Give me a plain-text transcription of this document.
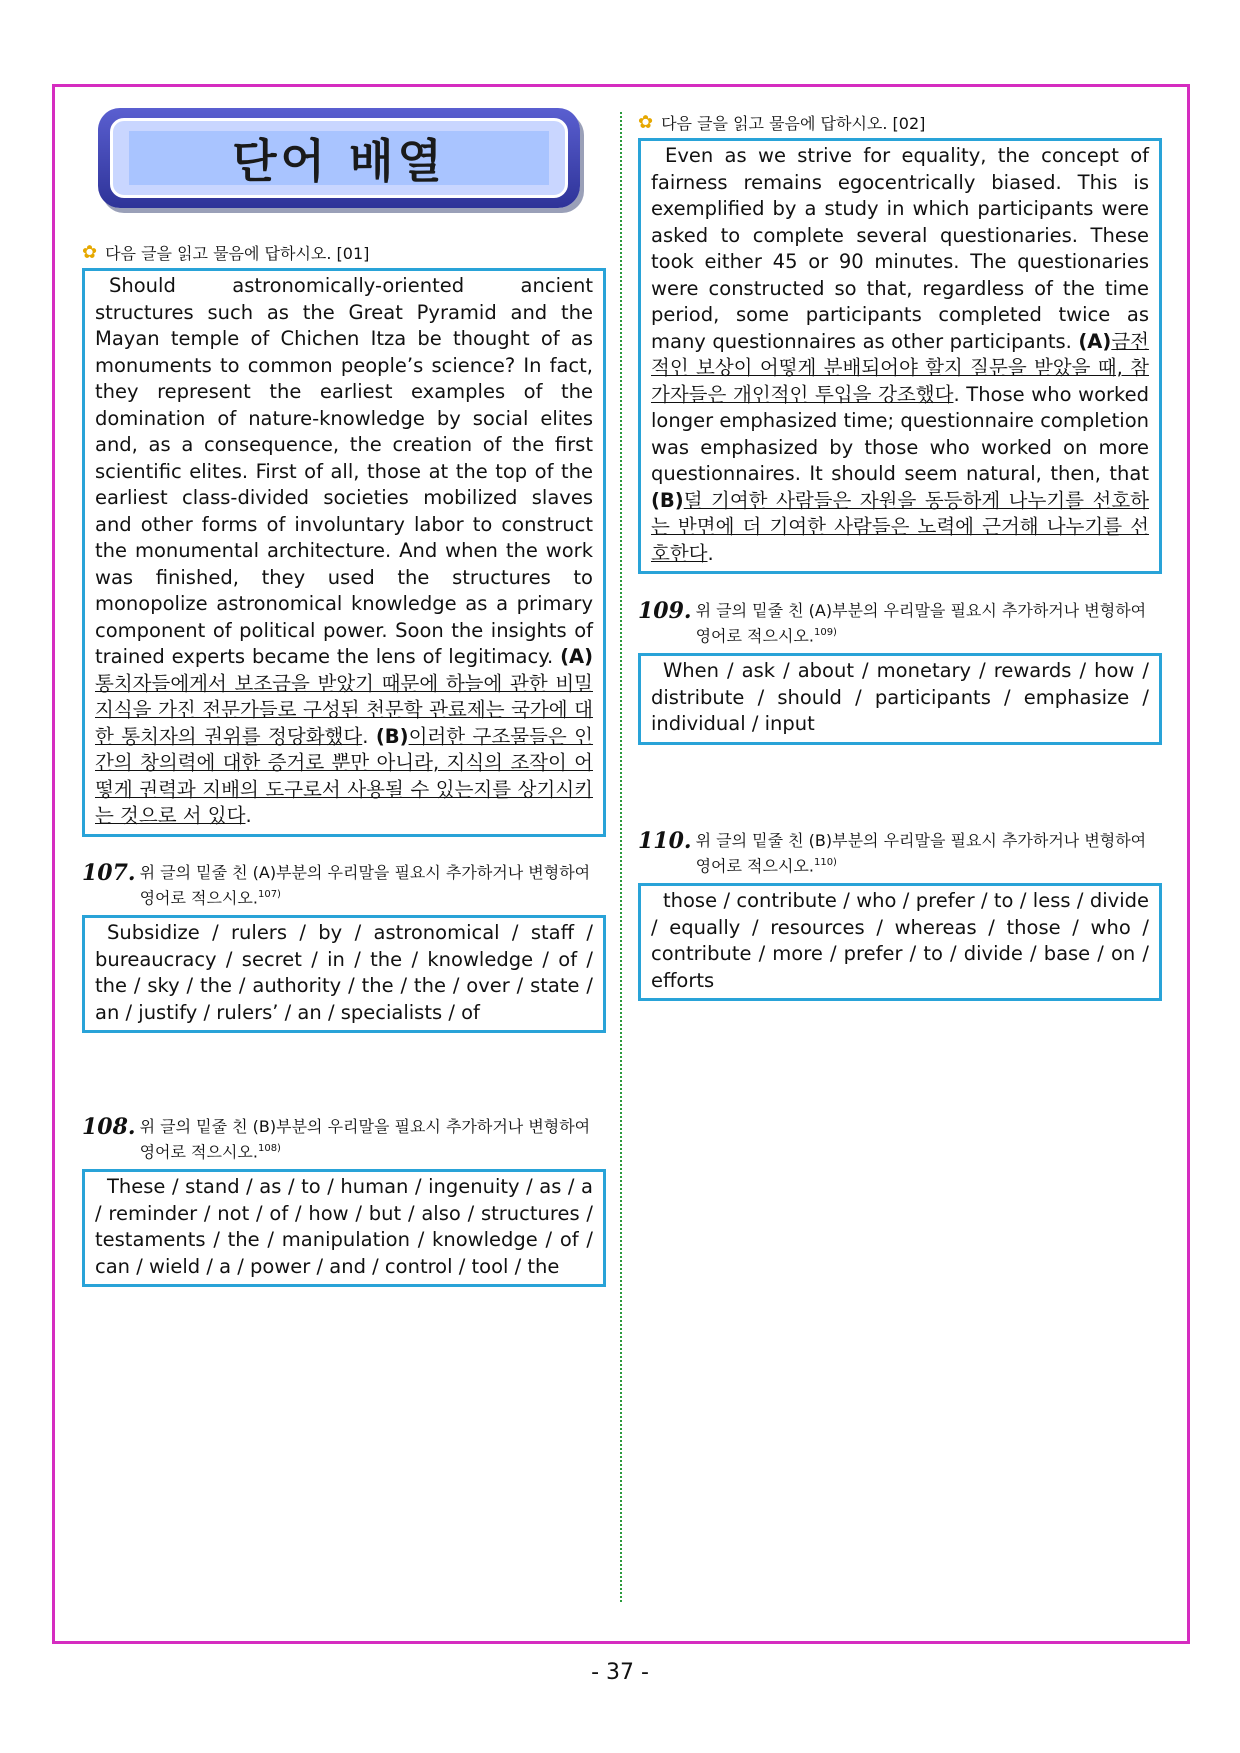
단어 배열
✿ 다음 글을 읽고 물음에 답하시오. [01]

Should astronomically-oriented ancient structures such as the Great Pyramid and the Mayan temple of Chichen Itza be thought of as monuments to common people’s science? In fact, they represent the earliest examples of the domination of nature-knowledge by social elites and, as a consequence, the creation of the first scientific elites. First of all, those at the top of the earliest class-divided societies mobilized slaves and other forms of involuntary labor to construct the monumental architecture. And when the work was finished, they used the structures to monopolize astronomical knowledge as a primary component of political power. Soon the insights of trained experts became the lens of legitimacy. (A)통치자들에게서 보조금을 받았기 때문에 하늘에 관한 비밀 지식을 가진 전문가들로 구성된 천문학 관료제는 국가에 대한 통치자의 권위를 정당화했다. (B)이러한 구조물들은 인간의 창의력에 대한 증거로 뿐만 아니라, 지식의 조작이 어떻게 권력과 지배의 도구로서 사용될 수 있는지를 상기시키는 것으로 서 있다.

107. 위 글의 밑줄 친 (A)부분의 우리말을 필요시 추가하거나 변형하여 영어로 적으시오.$^{107)}$

Subsidize / rulers / by / astronomical / staff / bureaucracy / secret / in / the / knowledge / of / the / sky / the / authority / the / the / over / state / an / justify / rulers’ / an / specialists / of

108. 위 글의 밑줄 친 (B)부분의 우리말을 필요시 추가하거나 변형하여 영어로 적으시오.$^{108)}$

These / stand / as / to / human / ingenuity / as / a / reminder / not / of / how / but / also / structures / testaments / the / manipulation / knowledge / of / can / wield / a / power / and / control / tool / the

✿ 다음 글을 읽고 물음에 답하시오. [02]

Even as we strive for equality, the concept of fairness remains egocentrically biased. This is exemplified by a study in which participants were asked to complete several questionaries. These took either 45 or 90 minutes. The questionaries were constructed so that, regardless of the time period, some participants completed twice as many questionnaires as other participants. (A)금전적인 보상이 어떻게 분배되어야 할지 질문을 받았을 때, 참가자들은 개인적인 투입을 강조했다. Those who worked longer emphasized time; questionnaire completion was emphasized by those who worked on more questionnaires. It should seem natural, then, that (B)덜 기여한 사람들은 자원을 동등하게 나누기를 선호하는 반면에 더 기여한 사람들은 노력에 근거해 나누기를 선호한다.

109. 위 글의 밑줄 친 (A)부분의 우리말을 필요시 추가하거나 변형하여 영어로 적으시오.$^{109)}$

When / ask / about / monetary / rewards / how / distribute / should / participants / emphasize / individual / input

110. 위 글의 밑줄 친 (B)부분의 우리말을 필요시 추가하거나 변형하여 영어로 적으시오.$^{110)}$

those / contribute / who / prefer / to / less / divide / equally / resources / whereas / those / who / contribute / more / prefer / to / divide / base / on / efforts

- 37 -
